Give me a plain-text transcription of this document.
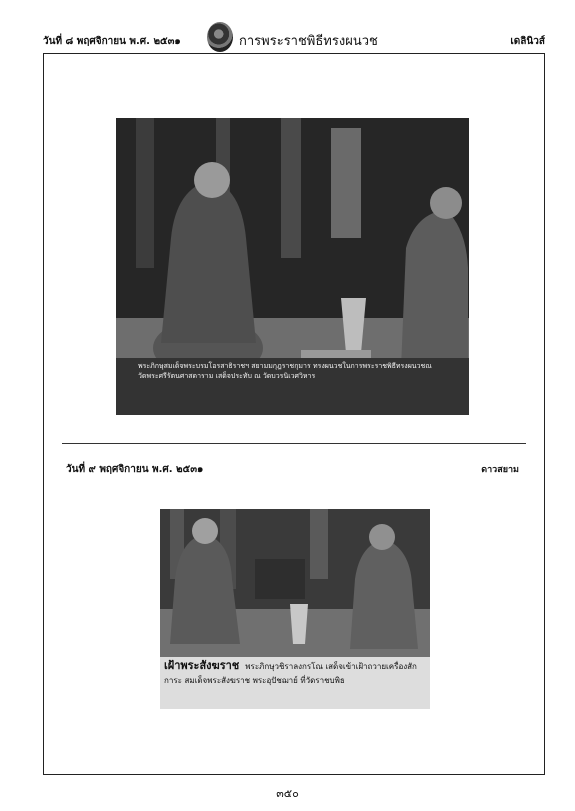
วันที่ ๘ พฤศจิกายน พ.ศ. ๒๕๓๑	การพระราชพิธีทรงผนวช	เดลินิวส์
พระภิกษุสมเด็จพระบรมโอรสาธิราชฯ สยามมกุฎราชกุมาร ทรงผนวชในการพระราชพิธีทรงผนวชณ วัดพระศรีรัตนศาสดาราม เสด็จประทับ ณ วัดบวรนิเวศวิหาร
วันที่ ๙ พฤศจิกายน พ.ศ. ๒๕๓๑	ดาวสยาม
เฝ้าพระสังฆราช พระภิกษุวชิราลงกรโณ เสด็จเข้าเฝ้าถวายเครื่องสักการะ สมเด็จพระสังฆราช พระอุปัชฌาย์ ที่วัดราชบพิธ
๓๕๐
